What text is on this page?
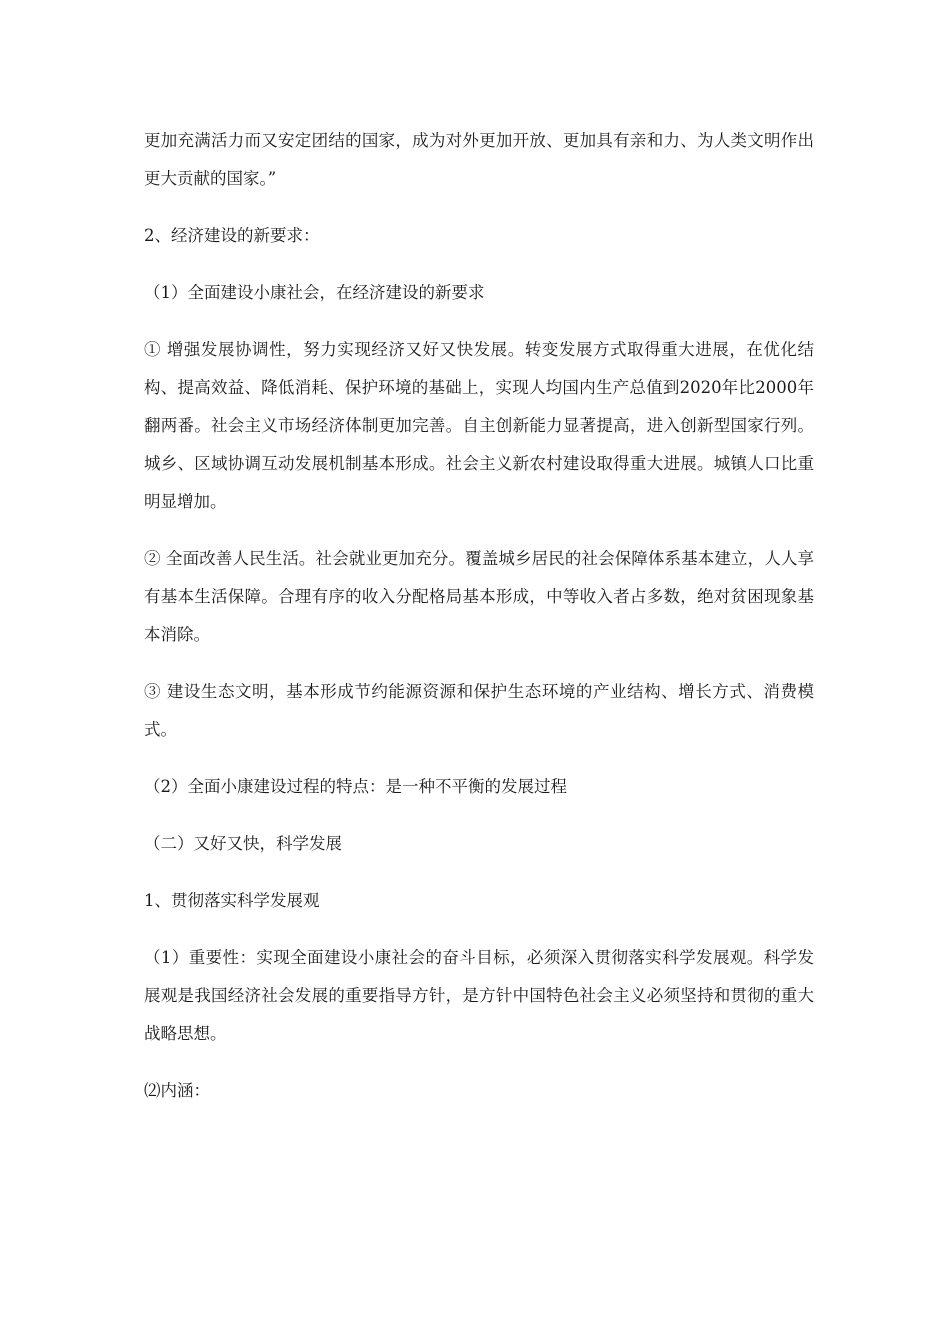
更加充满活力而又安定团结的国家，成为对外更加开放、更加具有亲和力、为人类文明作出更大贡献的国家。”

2、经济建设的新要求：

（1）全面建设小康社会，在经济建设的新要求

① 增强发展协调性，努力实现经济又好又快发展。转变发展方式取得重大进展，在优化结构、提高效益、降低消耗、保护环境的基础上，实现人均国内生产总值到2020年比2000年翻两番。社会主义市场经济体制更加完善。自主创新能力显著提高，进入创新型国家行列。城乡、区域协调互动发展机制基本形成。社会主义新农村建设取得重大进展。城镇人口比重明显增加。

② 全面改善人民生活。社会就业更加充分。覆盖城乡居民的社会保障体系基本建立，人人享有基本生活保障。合理有序的收入分配格局基本形成，中等收入者占多数，绝对贫困现象基本消除。

③ 建设生态文明，基本形成节约能源资源和保护生态环境的产业结构、增长方式、消费模式。

（2）全面小康建设过程的特点：是一种不平衡的发展过程

（二）又好又快，科学发展

1、贯彻落实科学发展观

（1）重要性：实现全面建设小康社会的奋斗目标，必须深入贯彻落实科学发展观。科学发展观是我国经济社会发展的重要指导方针，是方针中国特色社会主义必须坚持和贯彻的重大战略思想。

⑵内涵：
